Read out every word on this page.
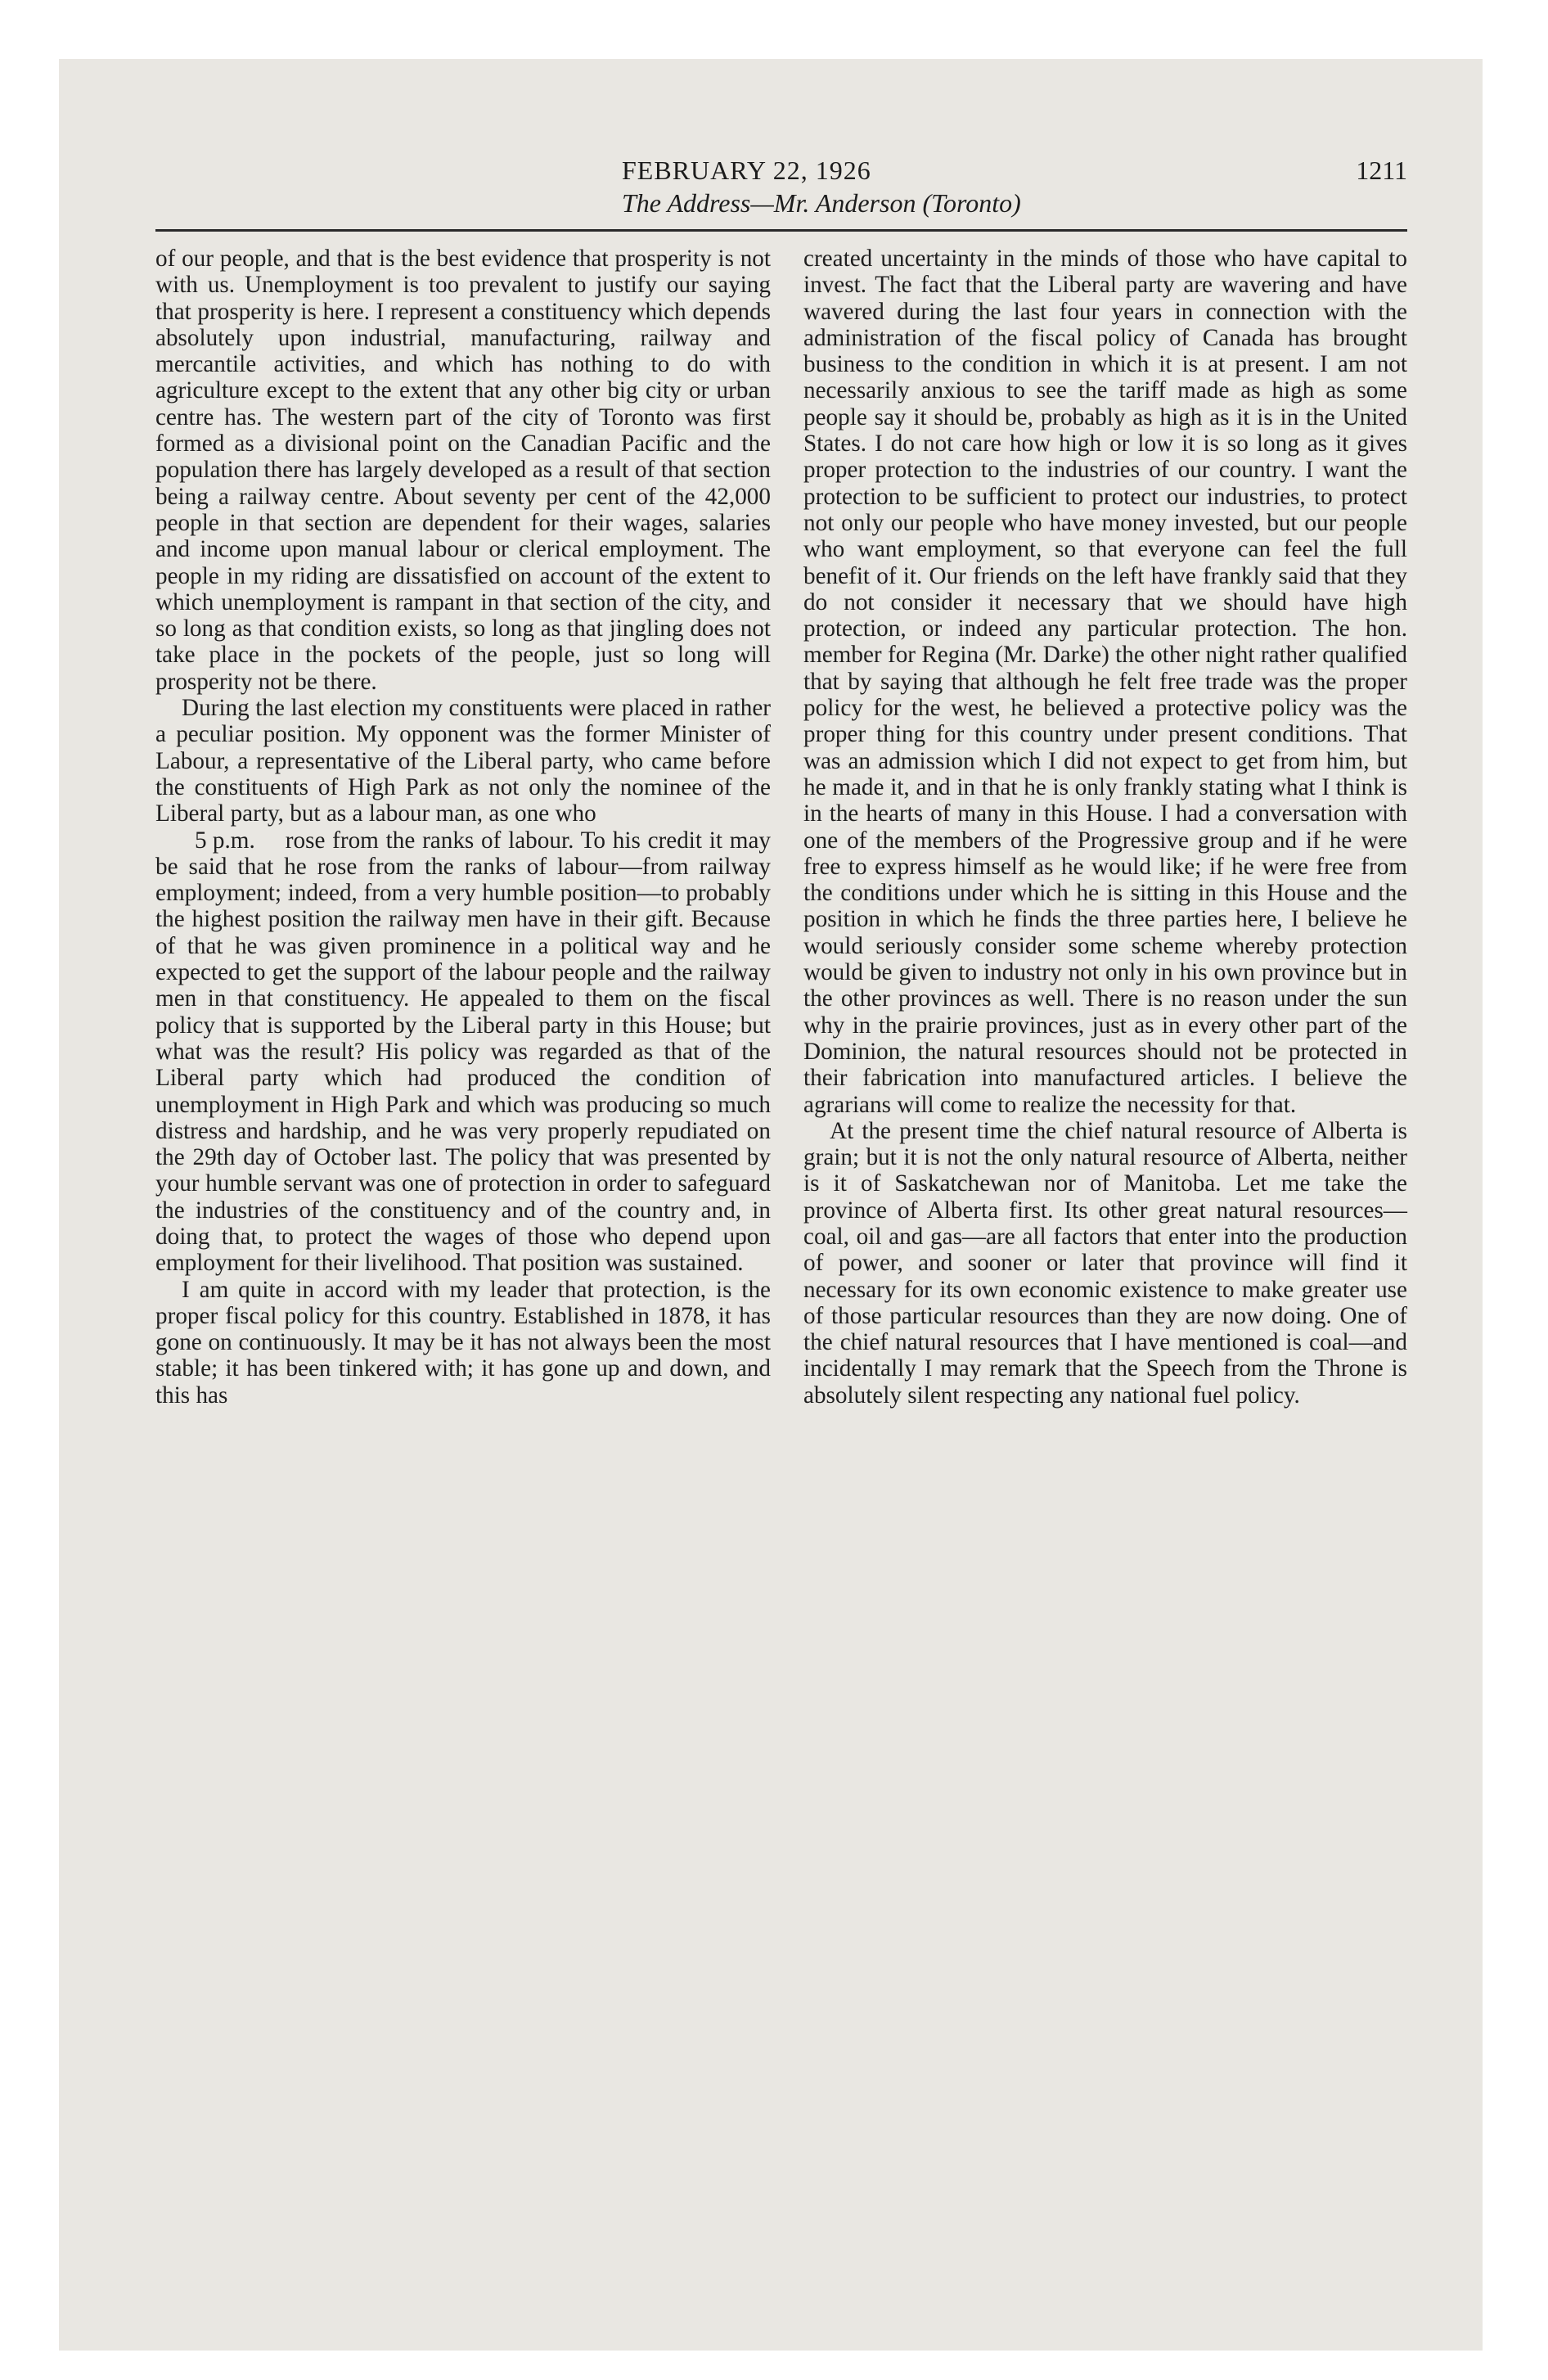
FEBRUARY 22, 1926	1211
The Address—Mr. Anderson (Toronto)

of our people, and that is the best evidence that prosperity is not with us. Unemployment is too prevalent to justify our saying that prosperity is here. I represent a constituency which depends absolutely upon industrial, manufacturing, railway and mercantile activities, and which has nothing to do with agriculture except to the extent that any other big city or urban centre has. The western part of the city of Toronto was first formed as a divisional point on the Canadian Pacific and the population there has largely developed as a result of that section being a railway centre. About seventy per cent of the 42,000 people in that section are dependent for their wages, salaries and income upon manual labour or clerical employment. The people in my riding are dissatisfied on account of the extent to which unemployment is rampant in that section of the city, and so long as that condition exists, so long as that jingling does not take place in the pockets of the people, just so long will prosperity not be there.

During the last election my constituents were placed in rather a peculiar position. My opponent was the former Minister of Labour, a representative of the Liberal party, who came before the constituents of High Park as not only the nominee of the Liberal party, but as a labour man, as one who
5 p.m. rose from the ranks of labour. To his credit it may be said that he rose from the ranks of labour—from railway employment; indeed, from a very humble position—to probably the highest position the railway men have in their gift. Because of that he was given prominence in a political way and he expected to get the support of the labour people and the railway men in that constituency. He appealed to them on the fiscal policy that is supported by the Liberal party in this House; but what was the result? His policy was regarded as that of the Liberal party which had produced the condition of unemployment in High Park and which was producing so much distress and hardship, and he was very properly repudiated on the 29th day of October last. The policy that was presented by your humble servant was one of protection in order to safeguard the industries of the constituency and of the country and, in doing that, to protect the wages of those who depend upon employment for their livelihood. That position was sustained.

I am quite in accord with my leader that protection, is the proper fiscal policy for this country. Established in 1878, it has gone on continuously. It may be it has not always been the most stable; it has been tinkered with; it has gone up and down, and this has

created uncertainty in the minds of those who have capital to invest. The fact that the Liberal party are wavering and have wavered during the last four years in connection with the administration of the fiscal policy of Canada has brought business to the condition in which it is at present. I am not necessarily anxious to see the tariff made as high as some people say it should be, probably as high as it is in the United States. I do not care how high or low it is so long as it gives proper protection to the industries of our country. I want the protection to be sufficient to protect our industries, to protect not only our people who have money invested, but our people who want employment, so that everyone can feel the full benefit of it. Our friends on the left have frankly said that they do not consider it necessary that we should have high protection, or indeed any particular protection. The hon. member for Regina (Mr. Darke) the other night rather qualified that by saying that although he felt free trade was the proper policy for the west, he believed a protective policy was the proper thing for this country under present conditions. That was an admission which I did not expect to get from him, but he made it, and in that he is only frankly stating what I think is in the hearts of many in this House. I had a conversation with one of the members of the Progressive group and if he were free to express himself as he would like; if he were free from the conditions under which he is sitting in this House and the position in which he finds the three parties here, I believe he would seriously consider some scheme whereby protection would be given to industry not only in his own province but in the other provinces as well. There is no reason under the sun why in the prairie provinces, just as in every other part of the Dominion, the natural resources should not be protected in their fabrication into manufactured articles. I believe the agrarians will come to realize the necessity for that.

At the present time the chief natural resource of Alberta is grain; but it is not the only natural resource of Alberta, neither is it of Saskatchewan nor of Manitoba. Let me take the province of Alberta first. Its other great natural resources—coal, oil and gas—are all factors that enter into the production of power, and sooner or later that province will find it necessary for its own economic existence to make greater use of those particular resources than they are now doing. One of the chief natural resources that I have mentioned is coal—and incidentally I may remark that the Speech from the Throne is absolutely silent respecting any national fuel policy.
